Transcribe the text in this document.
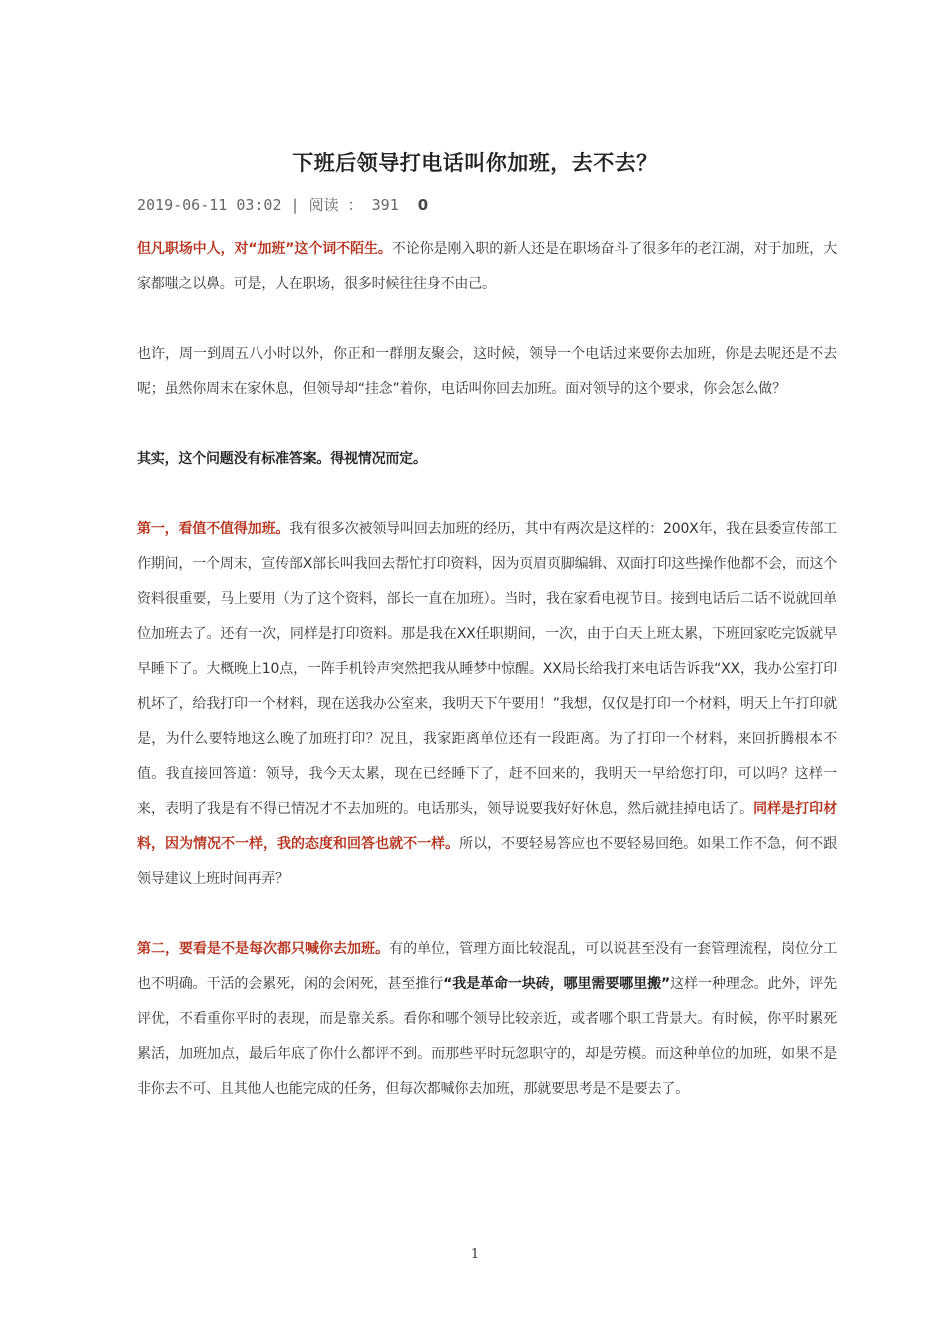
下班后领导打电话叫你加班，去不去？
2019-06-11 03:02 | 阅读 ： 391 0

但凡职场中人，对“加班”这个词不陌生。不论你是刚入职的新人还是在职场奋斗了很多年的老江湖，对于加班，大家都嗤之以鼻。可是，人在职场，很多时候往往身不由己。

也许，周一到周五八小时以外，你正和一群朋友聚会，这时候，领导一个电话过来要你去加班，你是去呢还是不去呢；虽然你周末在家休息，但领导却“挂念”着你，电话叫你回去加班。面对领导的这个要求，你会怎么做？

其实，这个问题没有标准答案。得视情况而定。

第一，看值不值得加班。我有很多次被领导叫回去加班的经历，其中有两次是这样的：200X年，我在县委宣传部工作期间，一个周末，宣传部X部长叫我回去帮忙打印资料，因为页眉页脚编辑、双面打印这些操作他都不会，而这个资料很重要，马上要用（为了这个资料，部长一直在加班）。当时，我在家看电视节目。接到电话后二话不说就回单位加班去了。还有一次，同样是打印资料。那是我在XX任职期间，一次，由于白天上班太累，下班回家吃完饭就早早睡下了。大概晚上10点，一阵手机铃声突然把我从睡梦中惊醒。XX局长给我打来电话告诉我“XX，我办公室打印机坏了，给我打印一个材料，现在送我办公室来，我明天下午要用！”我想，仅仅是打印一个材料，明天上午打印就是，为什么要特地这么晚了加班打印？况且，我家距离单位还有一段距离。为了打印一个材料，来回折腾根本不值。我直接回答道：领导，我今天太累，现在已经睡下了，赶不回来的，我明天一早给您打印，可以吗？这样一来，表明了我是有不得已情况才不去加班的。电话那头，领导说要我好好休息，然后就挂掉电话了。同样是打印材料，因为情况不一样，我的态度和回答也就不一样。所以，不要轻易答应也不要轻易回绝。如果工作不急，何不跟领导建议上班时间再弄？

第二，要看是不是每次都只喊你去加班。有的单位，管理方面比较混乱，可以说甚至没有一套管理流程，岗位分工也不明确。干活的会累死，闲的会闲死，甚至推行“我是革命一块砖，哪里需要哪里搬”这样一种理念。此外，评先评优，不看重你平时的表现，而是靠关系。看你和哪个领导比较亲近，或者哪个职工背景大。有时候，你平时累死累活，加班加点，最后年底了你什么都评不到。而那些平时玩忽职守的，却是劳模。而这种单位的加班，如果不是非你去不可、且其他人也能完成的任务，但每次都喊你去加班，那就要思考是不是要去了。

1
